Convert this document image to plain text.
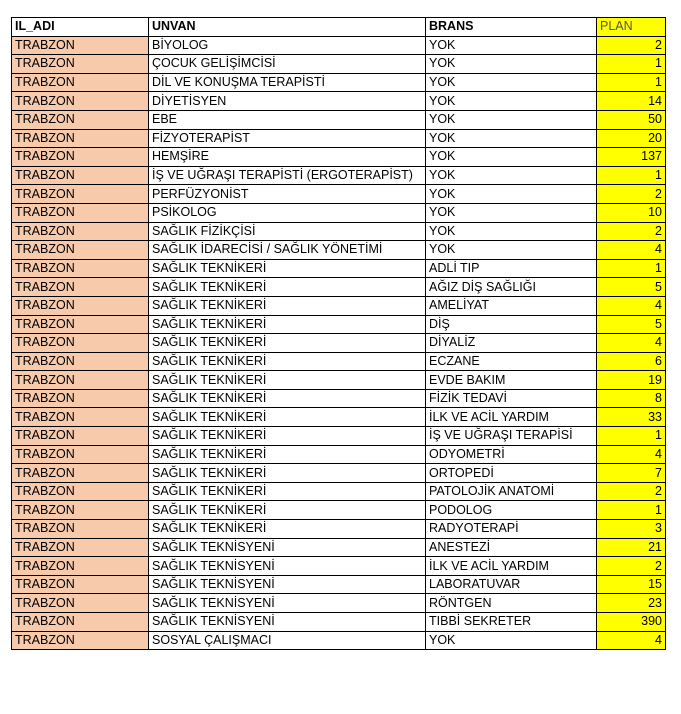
IL_ADI	UNVAN	BRANS	PLAN
TRABZON	BİYOLOG	YOK	2
TRABZON	ÇOCUK GELİŞİMCİSİ	YOK	1
TRABZON	DİL VE KONUŞMA TERAPİSTİ	YOK	1
TRABZON	DİYETİSYEN	YOK	14
TRABZON	EBE	YOK	50
TRABZON	FİZYOTERAPİST	YOK	20
TRABZON	HEMŞİRE	YOK	137
TRABZON	İŞ VE UĞRAŞI TERAPİSTİ (ERGOTERAPİST)	YOK	1
TRABZON	PERFÜZYONİST	YOK	2
TRABZON	PSİKOLOG	YOK	10
TRABZON	SAĞLIK FİZİKÇİSİ	YOK	2
TRABZON	SAĞLIK İDARECİSİ / SAĞLIK YÖNETİMİ	YOK	4
TRABZON	SAĞLIK TEKNİKERİ	ADLİ TIP	1
TRABZON	SAĞLIK TEKNİKERİ	AĞIZ DİŞ SAĞLIĞI	5
TRABZON	SAĞLIK TEKNİKERİ	AMELİYAT	4
TRABZON	SAĞLIK TEKNİKERİ	DİŞ	5
TRABZON	SAĞLIK TEKNİKERİ	DİYALİZ	4
TRABZON	SAĞLIK TEKNİKERİ	ECZANE	6
TRABZON	SAĞLIK TEKNİKERİ	EVDE BAKIM	19
TRABZON	SAĞLIK TEKNİKERİ	FİZİK TEDAVİ	8
TRABZON	SAĞLIK TEKNİKERİ	İLK VE ACİL YARDIM	33
TRABZON	SAĞLIK TEKNİKERİ	İŞ VE UĞRAŞI TERAPİSİ	1
TRABZON	SAĞLIK TEKNİKERİ	ODYOMETRİ	4
TRABZON	SAĞLIK TEKNİKERİ	ORTOPEDİ	7
TRABZON	SAĞLIK TEKNİKERİ	PATOLOJİK ANATOMİ	2
TRABZON	SAĞLIK TEKNİKERİ	PODOLOG	1
TRABZON	SAĞLIK TEKNİKERİ	RADYOTERAPİ	3
TRABZON	SAĞLIK TEKNİSYENİ	ANESTEZİ	21
TRABZON	SAĞLIK TEKNİSYENİ	İLK VE ACİL YARDIM	2
TRABZON	SAĞLIK TEKNİSYENİ	LABORATUVAR	15
TRABZON	SAĞLIK TEKNİSYENİ	RÖNTGEN	23
TRABZON	SAĞLIK TEKNİSYENİ	TIBBİ SEKRETER	390
TRABZON	SOSYAL ÇALIŞMACI	YOK	4
